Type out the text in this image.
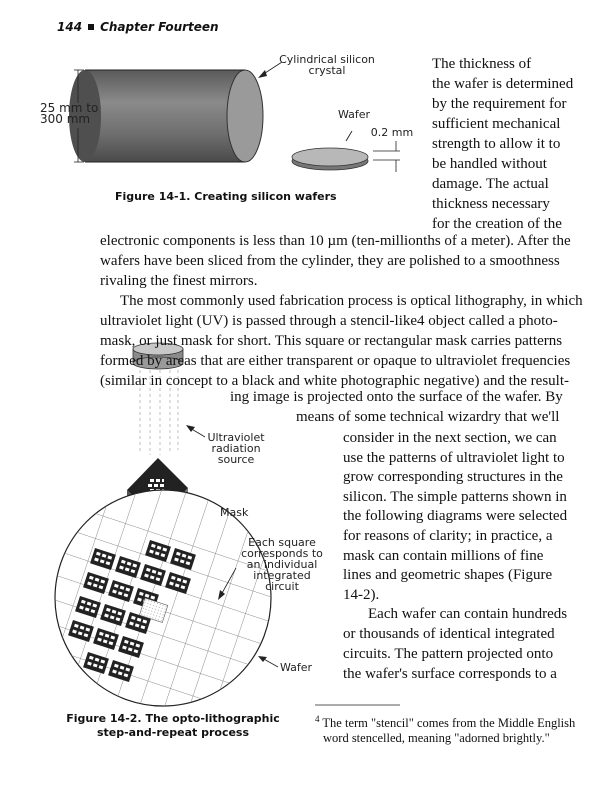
144 Chapter Fourteen
Cylindrical silicon
crystal
Wafer
0.2 mm
25 mm to
300 mm
Figure 14-1. Creating silicon wafers
Ultraviolet
radiation
source
Mask
Each square
corresponds to
an individual
integrated
circuit
Wafer
Figure 14-2. The opto-lithographic
step-and-repeat process
The thickness of
the wafer is determined
by the requirement for
sufficient mechanical
strength to allow it to
be handled without
damage. The actual
thickness necessary
for the creation of the
electronic components is less than 10 µm (ten-millionths of a meter). After the
wafers have been sliced from the cylinder, they are polished to a smoothness
rivaling the finest mirrors.
The most commonly used fabrication process is optical lithography, in which
ultraviolet light (UV) is passed through a stencil-like4 object called a photo-
mask, or just mask for short. This square or rectangular mask carries patterns
formed by areas that are either transparent or opaque to ultraviolet frequencies
(similar in concept to a black and white photographic negative) and the result-
ing image is projected onto the surface of the wafer. By
means of some technical wizardry that we'll
consider in the next section, we can
use the patterns of ultraviolet light to
grow corresponding structures in the
silicon. The simple patterns shown in
the following diagrams were selected
for reasons of clarity; in practice, a
mask can contain millions of fine
lines and geometric shapes (Figure
14-2).
Each wafer can contain hundreds
or thousands of identical integrated
circuits. The pattern projected onto
the wafer's surface corresponds to a
$^4$ The term "stencil" comes from the Middle English
word stencelled, meaning "adorned brightly."
